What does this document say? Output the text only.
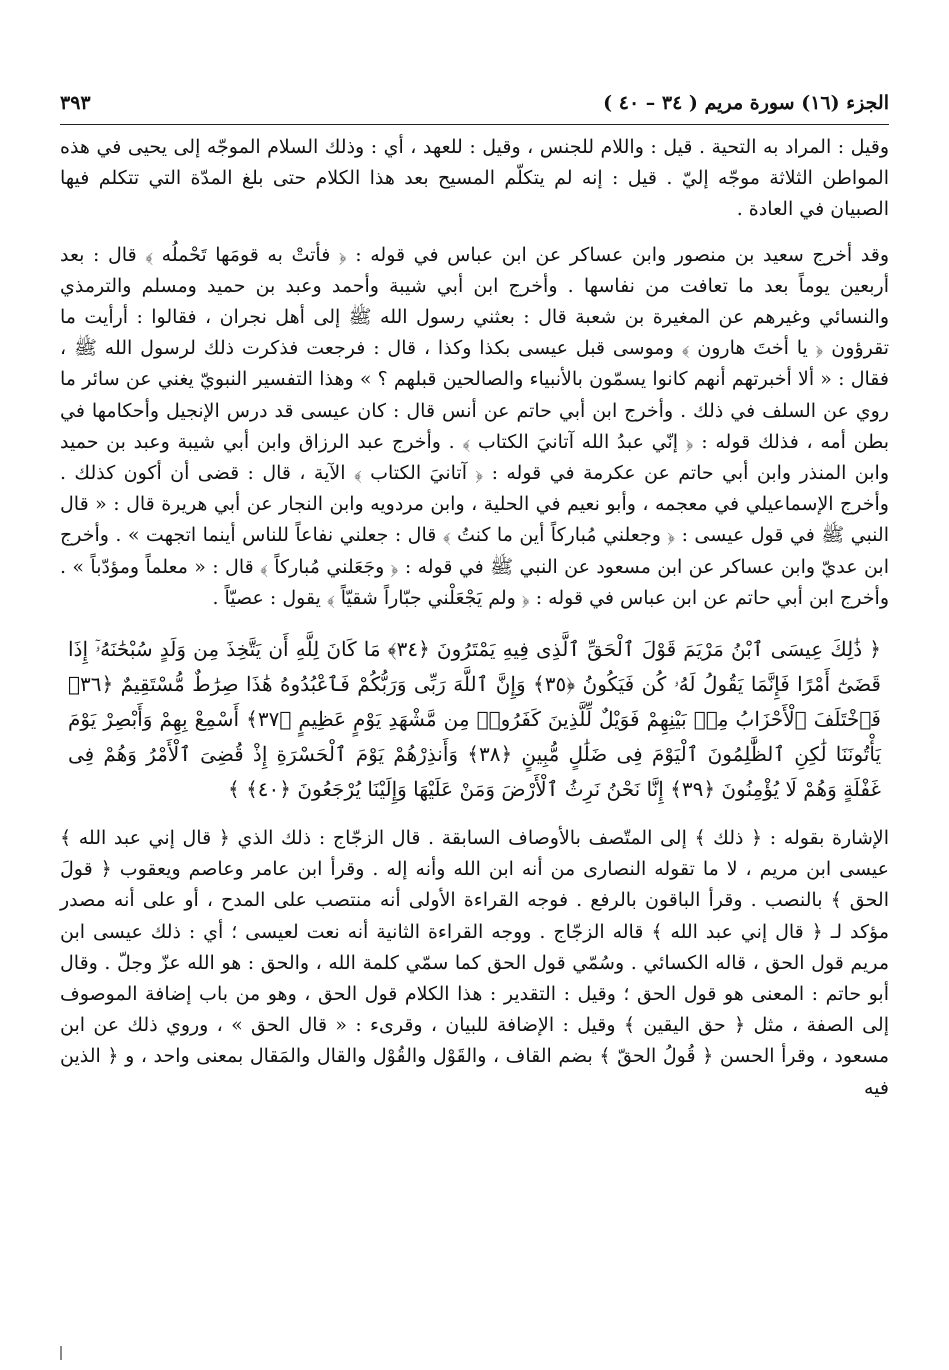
الجزء (١٦) سورة مريم ( ٣٤ – ٤٠ )
٣٩٣

وقيل : المراد به التحية . قيل : واللام للجنس ، وقيل : للعهد ، أي : وذلك السلام الموجّه إلى يحيى في هذه المواطن الثلاثة موجّه إليّ . قيل : إنه لم يتكلّم المسيح بعد هذا الكلام حتى بلغ المدّة التي تتكلم فيها الصبيان في العادة .

وقد أخرج سعيد بن منصور وابن عساكر عن ابن عباس في قوله : ﴿ فأتتْ به قومَها تَحْملُه ﴾ قال : بعد أربعين يوماً بعد ما تعافت من نفاسها . وأخرج ابن أبي شيبة وأحمد وعبد بن حميد ومسلم والترمذي والنسائي وغيرهم عن المغيرة بن شعبة قال : بعثني رسول الله ﷺ إلى أهل نجران ، فقالوا : أرأيت ما تقرؤون ﴿ يا أختَ هارون ﴾ وموسى قبل عيسى بكذا وكذا ، قال : فرجعت فذكرت ذلك لرسول الله ﷺ ، فقال : « ألا أخبرتهم أنهم كانوا يسمّون بالأنبياء والصالحين قبلهم ؟ » وهذا التفسير النبويّ يغني عن سائر ما روي عن السلف في ذلك . وأخرج ابن أبي حاتم عن أنس قال : كان عيسى قد درس الإنجيل وأحكامها في بطن أمه ، فذلك قوله : ﴿ إنّي عبدُ الله آتانيَ الكتاب ﴾ . وأخرج عبد الرزاق وابن أبي شيبة وعبد بن حميد وابن المنذر وابن أبي حاتم عن عكرمة في قوله : ﴿ آتانيَ الكتاب ﴾ الآية ، قال : قضى أن أكون كذلك . وأخرج الإسماعيلي في معجمه ، وأبو نعيم في الحلية ، وابن مردويه وابن النجار عن أبي هريرة قال : « قال النبي ﷺ في قول عيسى : ﴿ وجعلني مُباركاً أين ما كنتُ ﴾ قال : جعلني نفاعاً للناس أينما اتجهت » . وأخرج ابن عديّ وابن عساكر عن ابن مسعود عن النبي ﷺ في قوله : ﴿ وجَعَلني مُباركاً ﴾ قال : « معلماً ومؤدّباً » . وأخرج ابن أبي حاتم عن ابن عباس في قوله : ﴿ ولم يَجْعَلْني جبّاراً شقيّاً ﴾ يقول : عصيّاً .

﴿ ذَٰلِكَ عِيسَى ٱبْنُ مَرْيَمَ قَوْلَ ٱلْحَقِّ ٱلَّذِى فِيهِ يَمْتَرُونَ ﴿٣٤﴾ مَا كَانَ لِلَّهِ أَن يَتَّخِذَ مِن وَلَدٍ سُبْحَٰنَهُۥٓ إِذَا قَضَىٰٓ أَمْرًا فَإِنَّمَا يَقُولُ لَهُۥ كُن فَيَكُونُ ﴿٣٥﴾ وَإِنَّ ٱللَّهَ رَبِّى وَرَبُّكُمْ فَٱعْبُدُوهُ هَٰذَا صِرَٰطٌ مُّسْتَقِيمٌ ﴿٣٦﴾ فَٱخْتَلَفَ ٱلْأَحْزَابُ مِنۢ بَيْنِهِمْ فَوَيْلٌ لِّلَّذِينَ كَفَرُوا۟ مِن مَّشْهَدِ يَوْمٍ عَظِيمٍ ﴿٣٧﴾ أَسْمِعْ بِهِمْ وَأَبْصِرْ يَوْمَ يَأْتُونَنَا لَٰكِنِ ٱلظَّٰلِمُونَ ٱلْيَوْمَ فِى ضَلَٰلٍ مُّبِينٍ ﴿٣٨﴾ وَأَنذِرْهُمْ يَوْمَ ٱلْحَسْرَةِ إِذْ قُضِىَ ٱلْأَمْرُ وَهُمْ فِى غَفْلَةٍ وَهُمْ لَا يُؤْمِنُونَ ﴿٣٩﴾ إِنَّا نَحْنُ نَرِثُ ٱلْأَرْضَ وَمَنْ عَلَيْهَا وَإِلَيْنَا يُرْجَعُونَ ﴿٤٠﴾ ﴾

الإشارة بقوله : ﴿ ذلك ﴾ إلى المتّصف بالأوصاف السابقة . قال الزجّاج : ذلك الذي ﴿ قال إني عبد الله ﴾ عيسى ابن مريم ، لا ما تقوله النصارى من أنه ابن الله وأنه إله . وقرأ ابن عامر وعاصم ويعقوب ﴿ قولَ الحق ﴾ بالنصب . وقرأ الباقون بالرفع . فوجه القراءة الأولى أنه منتصب على المدح ، أو على أنه مصدر مؤكد لـ ﴿ قال إني عبد الله ﴾ قاله الزجّاج . ووجه القراءة الثانية أنه نعت لعيسى ؛ أي : ذلك عيسى ابن مريم قول الحق ، قاله الكسائي . وسُمّي قول الحق كما سمّي كلمة الله ، والحق : هو الله عزّ وجلّ . وقال أبو حاتم : المعنى هو قول الحق ؛ وقيل : التقدير : هذا الكلام قول الحق ، وهو من باب إضافة الموصوف إلى الصفة ، مثل ﴿ حق اليقين ﴾ وقيل : الإضافة للبيان ، وقرىء : « قال الحق » ، وروي ذلك عن ابن مسعود ، وقرأ الحسن ﴿ قُولُ الحقّ ﴾ بضم القاف ، والقَوْل والقُوْل والقال والمَقال بمعنى واحد ، و ﴿ الذين فيه
